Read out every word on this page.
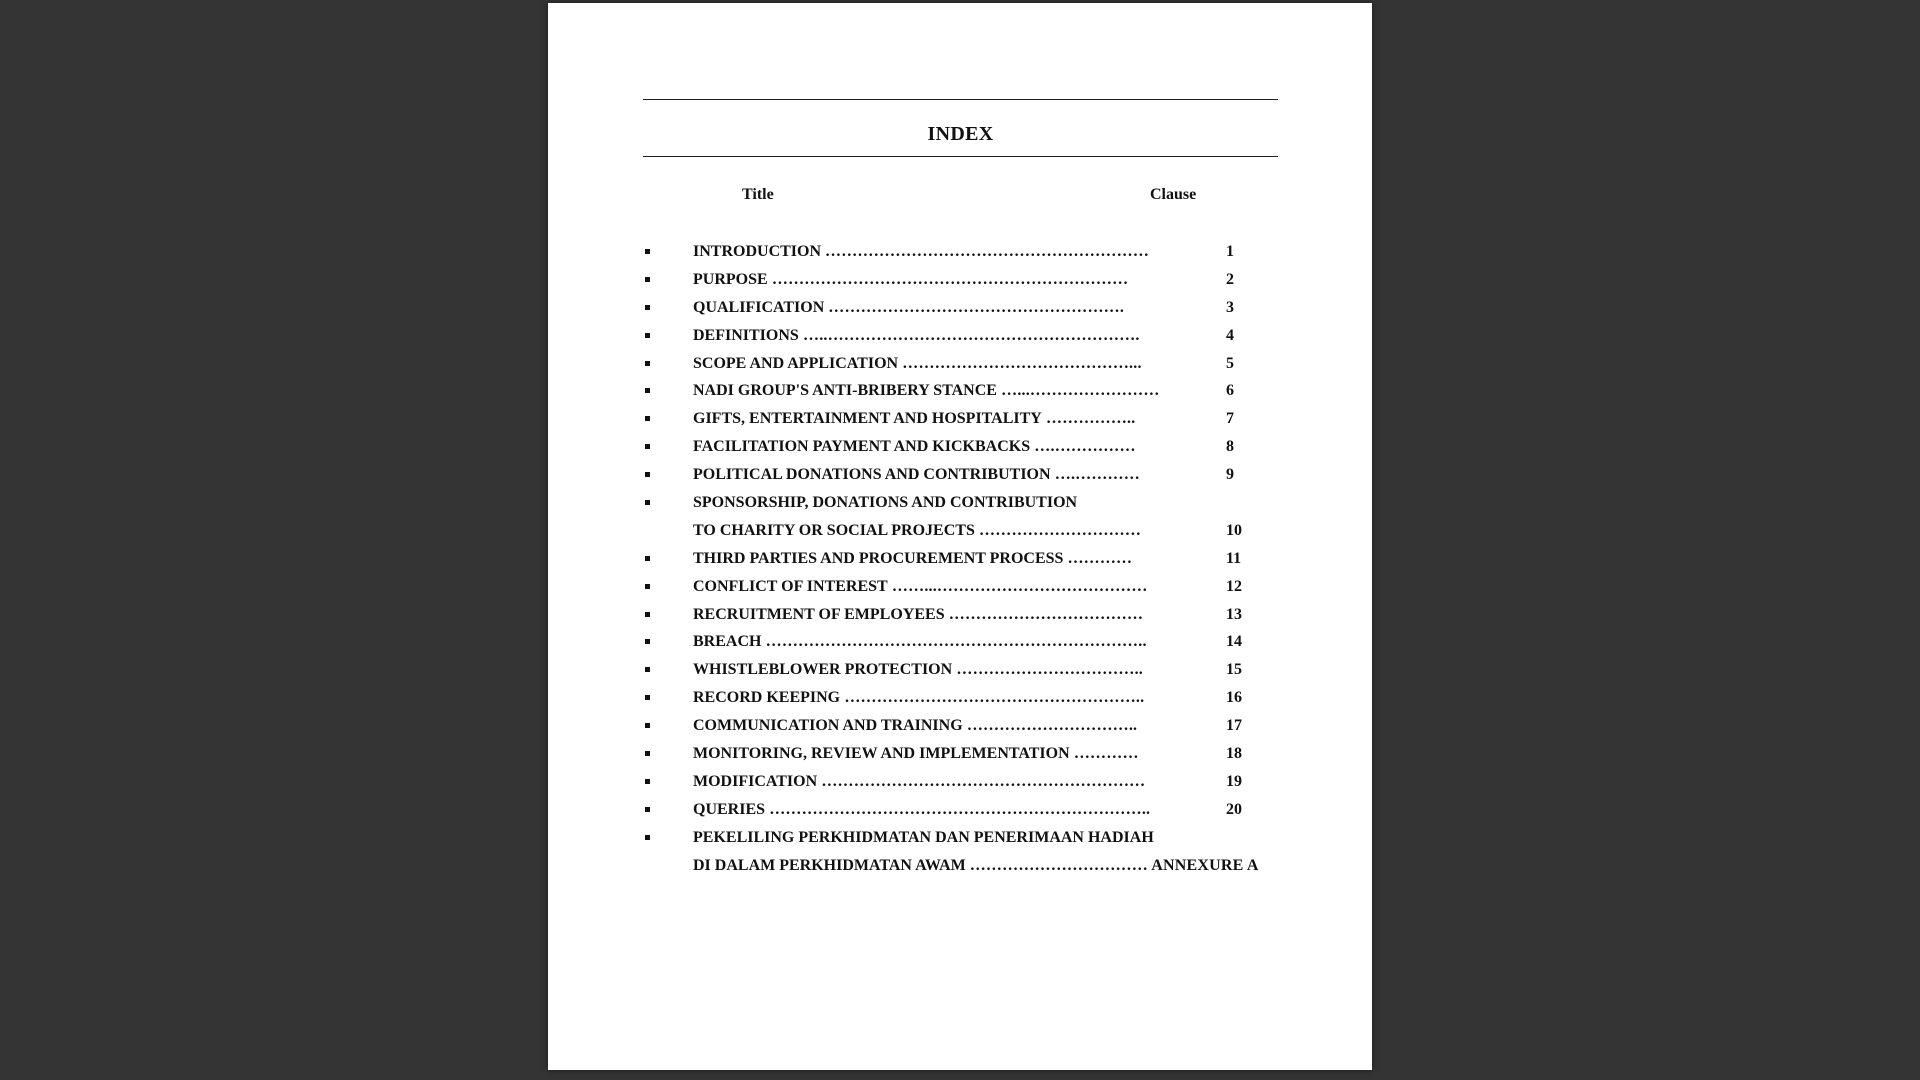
INDEX
Title	Clause
INTRODUCTION ……………………………………………………	1
PURPOSE …………………………………………………………	2
QUALIFICATION ……………………………………………….	3
DEFINITIONS …..………………………………………………….	4
SCOPE AND APPLICATION ……………………………………...	5
NADI GROUP'S ANTI-BRIBERY STANCE …...……………………	6
GIFTS, ENTERTAINMENT AND HOSPITALITY ……………..	7
FACILITATION PAYMENT AND KICKBACKS ….……………	8
POLITICAL DONATIONS AND CONTRIBUTION ….…………	9
SPONSORSHIP, DONATIONS AND CONTRIBUTION
TO CHARITY OR SOCIAL PROJECTS …………………………	10
THIRD PARTIES AND PROCUREMENT PROCESS …………	11
CONFLICT OF INTEREST ……...…………………………………	12
RECRUITMENT OF EMPLOYEES ………………………………	13
BREACH ……………………………………………………………..	14
WHISTLEBLOWER PROTECTION ……………………………..	15
RECORD KEEPING ………………………………………………..	16
COMMUNICATION AND TRAINING …………………………..	17
MONITORING, REVIEW AND IMPLEMENTATION …………	18
MODIFICATION ……………………………………………………	19
QUERIES ……………………………………………………………..	20
PEKELILING PERKHIDMATAN DAN PENERIMAAN HADIAH
DI DALAM PERKHIDMATAN AWAM …………………………… ANNEXURE A
